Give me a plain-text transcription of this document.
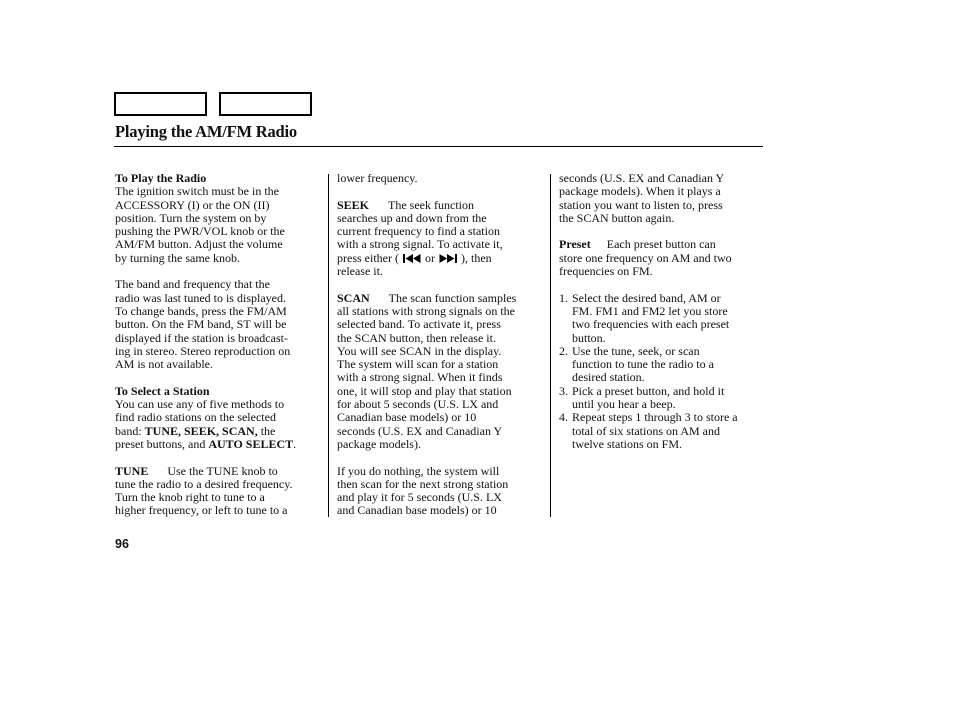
Playing the AM/FM Radio
To Play the Radio
The ignition switch must be in the
ACCESSORY (I) or the ON (II)
position. Turn the system on by
pushing the PWR/VOL knob or the
AM/FM button. Adjust the volume
by turning the same knob.
The band and frequency that the
radio was last tuned to is displayed.
To change bands, press the FM/AM
button. On the FM band, ST will be
displayed if the station is broadcast-
ing in stereo. Stereo reproduction on
AM is not available.
To Select a Station
You can use any of five methods to
find radio stations on the selected
band: TUNE, SEEK, SCAN, the
preset buttons, and AUTO SELECT.
TUNE Use the TUNE knob to
tune the radio to a desired frequency.
Turn the knob right to tune to a
higher frequency, or left to tune to a
lower frequency.
SEEK The seek function
searches up and down from the
current frequency to find a station
with a strong signal. To activate it,
press either ( or ), then
release it.
SCAN The scan function samples
all stations with strong signals on the
selected band. To activate it, press
the SCAN button, then release it.
You will see SCAN in the display.
The system will scan for a station
with a strong signal. When it finds
one, it will stop and play that station
for about 5 seconds (U.S. LX and
Canadian base models) or 10
seconds (U.S. EX and Canadian Y
package models).
If you do nothing, the system will
then scan for the next strong station
and play it for 5 seconds (U.S. LX
and Canadian base models) or 10
seconds (U.S. EX and Canadian Y
package models). When it plays a
station you want to listen to, press
the SCAN button again.
Preset Each preset button can
store one frequency on AM and two
frequencies on FM.
1. Select the desired band, AM or
FM. FM1 and FM2 let you store
two frequencies with each preset
button.
2. Use the tune, seek, or scan
function to tune the radio to a
desired station.
3. Pick a preset button, and hold it
until you hear a beep.
4. Repeat steps 1 through 3 to store a
total of six stations on AM and
twelve stations on FM.
96
